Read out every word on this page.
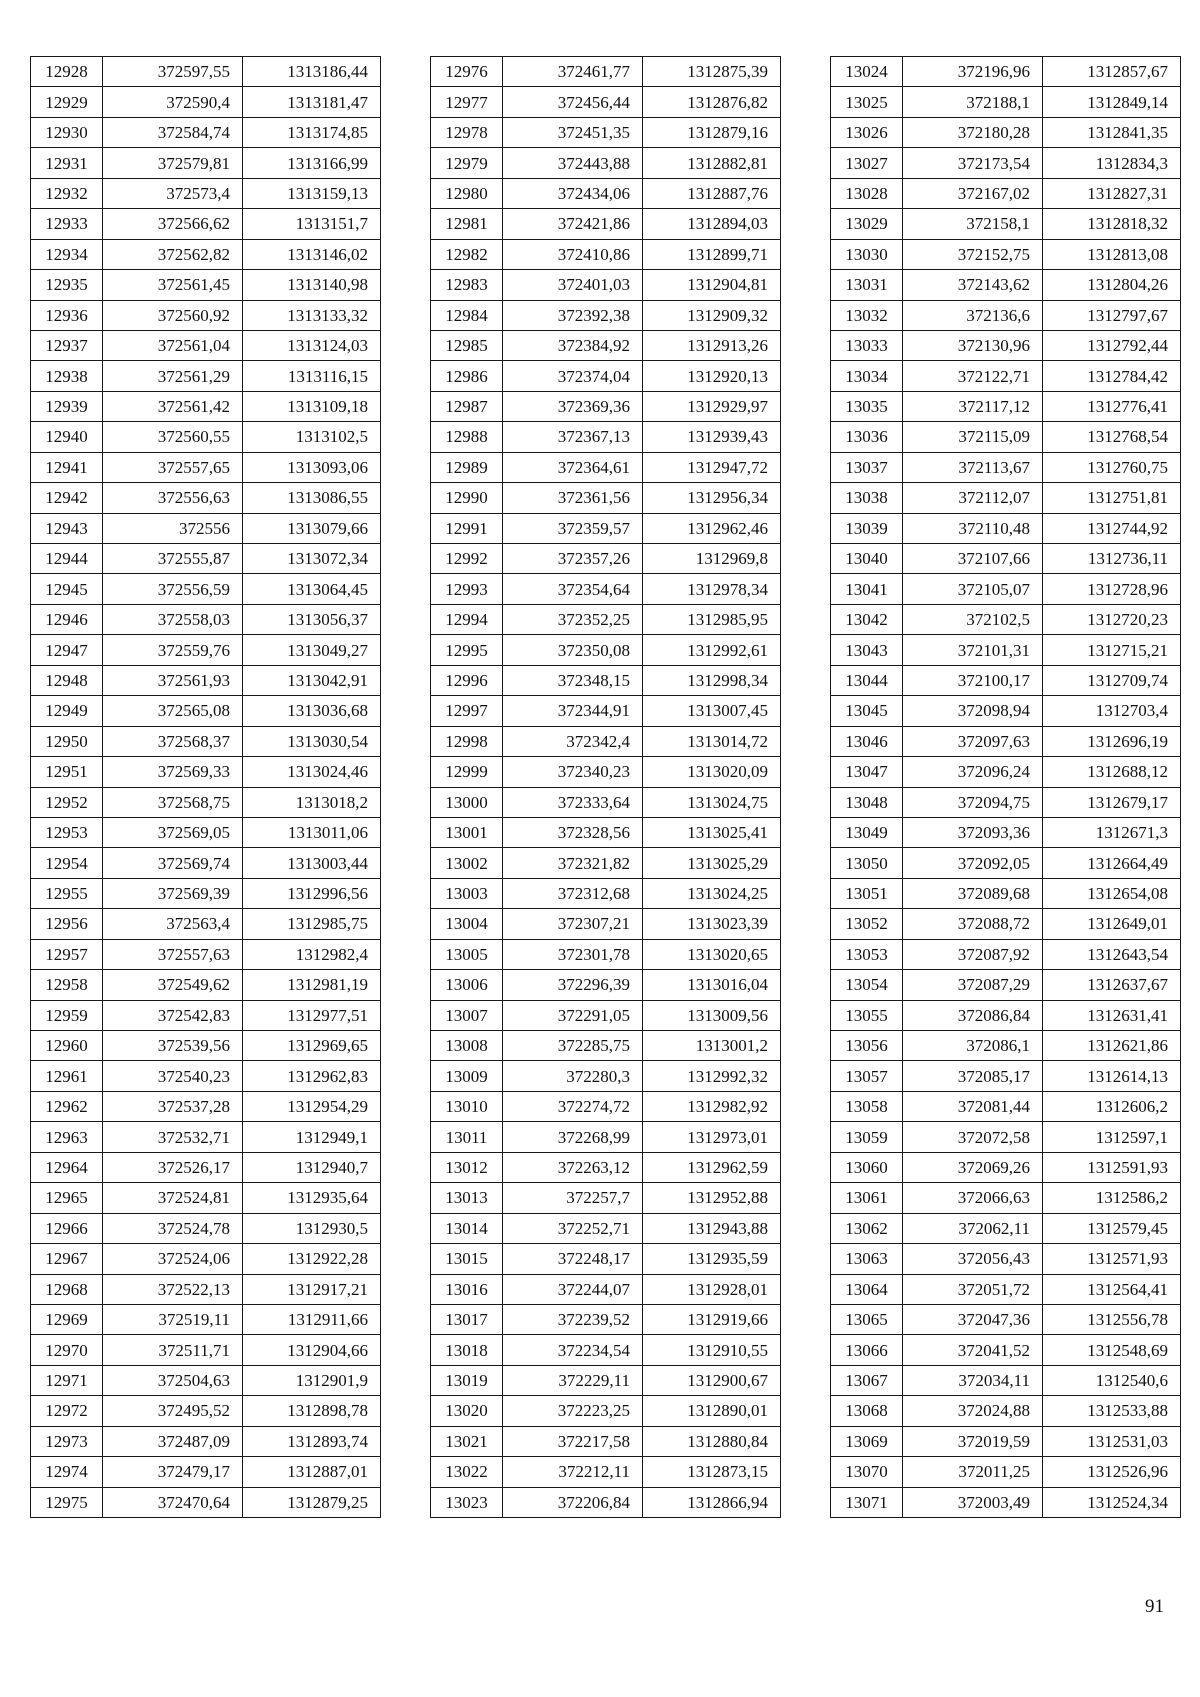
12928	372597,55	1313186,44
12929	372590,4	1313181,47
12930	372584,74	1313174,85
12931	372579,81	1313166,99
12932	372573,4	1313159,13
12933	372566,62	1313151,7
12934	372562,82	1313146,02
12935	372561,45	1313140,98
12936	372560,92	1313133,32
12937	372561,04	1313124,03
12938	372561,29	1313116,15
12939	372561,42	1313109,18
12940	372560,55	1313102,5
12941	372557,65	1313093,06
12942	372556,63	1313086,55
12943	372556	1313079,66
12944	372555,87	1313072,34
12945	372556,59	1313064,45
12946	372558,03	1313056,37
12947	372559,76	1313049,27
12948	372561,93	1313042,91
12949	372565,08	1313036,68
12950	372568,37	1313030,54
12951	372569,33	1313024,46
12952	372568,75	1313018,2
12953	372569,05	1313011,06
12954	372569,74	1313003,44
12955	372569,39	1312996,56
12956	372563,4	1312985,75
12957	372557,63	1312982,4
12958	372549,62	1312981,19
12959	372542,83	1312977,51
12960	372539,56	1312969,65
12961	372540,23	1312962,83
12962	372537,28	1312954,29
12963	372532,71	1312949,1
12964	372526,17	1312940,7
12965	372524,81	1312935,64
12966	372524,78	1312930,5
12967	372524,06	1312922,28
12968	372522,13	1312917,21
12969	372519,11	1312911,66
12970	372511,71	1312904,66
12971	372504,63	1312901,9
12972	372495,52	1312898,78
12973	372487,09	1312893,74
12974	372479,17	1312887,01
12975	372470,64	1312879,25
12976	372461,77	1312875,39
12977	372456,44	1312876,82
12978	372451,35	1312879,16
12979	372443,88	1312882,81
12980	372434,06	1312887,76
12981	372421,86	1312894,03
12982	372410,86	1312899,71
12983	372401,03	1312904,81
12984	372392,38	1312909,32
12985	372384,92	1312913,26
12986	372374,04	1312920,13
12987	372369,36	1312929,97
12988	372367,13	1312939,43
12989	372364,61	1312947,72
12990	372361,56	1312956,34
12991	372359,57	1312962,46
12992	372357,26	1312969,8
12993	372354,64	1312978,34
12994	372352,25	1312985,95
12995	372350,08	1312992,61
12996	372348,15	1312998,34
12997	372344,91	1313007,45
12998	372342,4	1313014,72
12999	372340,23	1313020,09
13000	372333,64	1313024,75
13001	372328,56	1313025,41
13002	372321,82	1313025,29
13003	372312,68	1313024,25
13004	372307,21	1313023,39
13005	372301,78	1313020,65
13006	372296,39	1313016,04
13007	372291,05	1313009,56
13008	372285,75	1313001,2
13009	372280,3	1312992,32
13010	372274,72	1312982,92
13011	372268,99	1312973,01
13012	372263,12	1312962,59
13013	372257,7	1312952,88
13014	372252,71	1312943,88
13015	372248,17	1312935,59
13016	372244,07	1312928,01
13017	372239,52	1312919,66
13018	372234,54	1312910,55
13019	372229,11	1312900,67
13020	372223,25	1312890,01
13021	372217,58	1312880,84
13022	372212,11	1312873,15
13023	372206,84	1312866,94
13024	372196,96	1312857,67
13025	372188,1	1312849,14
13026	372180,28	1312841,35
13027	372173,54	1312834,3
13028	372167,02	1312827,31
13029	372158,1	1312818,32
13030	372152,75	1312813,08
13031	372143,62	1312804,26
13032	372136,6	1312797,67
13033	372130,96	1312792,44
13034	372122,71	1312784,42
13035	372117,12	1312776,41
13036	372115,09	1312768,54
13037	372113,67	1312760,75
13038	372112,07	1312751,81
13039	372110,48	1312744,92
13040	372107,66	1312736,11
13041	372105,07	1312728,96
13042	372102,5	1312720,23
13043	372101,31	1312715,21
13044	372100,17	1312709,74
13045	372098,94	1312703,4
13046	372097,63	1312696,19
13047	372096,24	1312688,12
13048	372094,75	1312679,17
13049	372093,36	1312671,3
13050	372092,05	1312664,49
13051	372089,68	1312654,08
13052	372088,72	1312649,01
13053	372087,92	1312643,54
13054	372087,29	1312637,67
13055	372086,84	1312631,41
13056	372086,1	1312621,86
13057	372085,17	1312614,13
13058	372081,44	1312606,2
13059	372072,58	1312597,1
13060	372069,26	1312591,93
13061	372066,63	1312586,2
13062	372062,11	1312579,45
13063	372056,43	1312571,93
13064	372051,72	1312564,41
13065	372047,36	1312556,78
13066	372041,52	1312548,69
13067	372034,11	1312540,6
13068	372024,88	1312533,88
13069	372019,59	1312531,03
13070	372011,25	1312526,96
13071	372003,49	1312524,34
91
